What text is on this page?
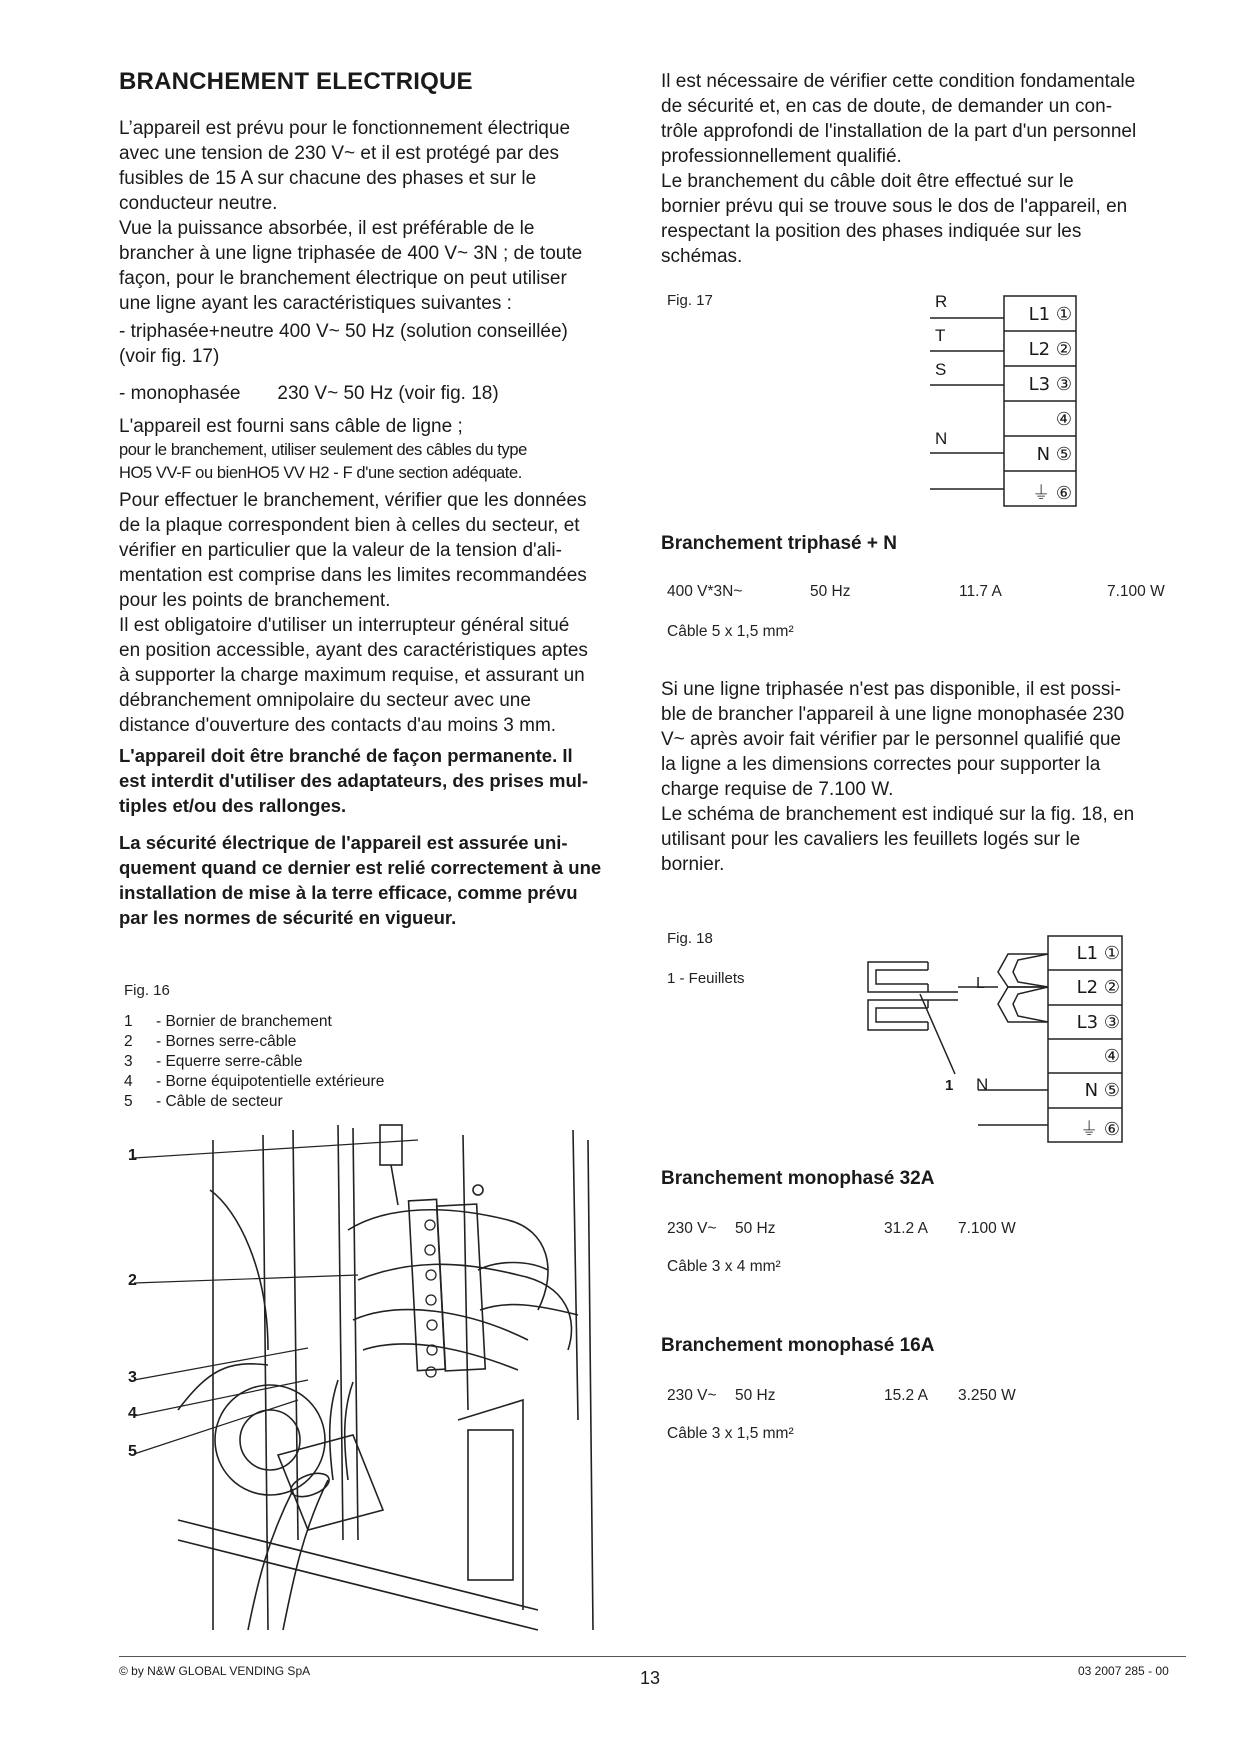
BRANCHEMENT ELECTRIQUE
L’appareil est prévu pour le fonctionnement électrique
avec une tension de 230 V~ et il est protégé par des
fusibles de 15 A sur chacune des phases et sur le
conducteur neutre.
Vue la puissance absorbée, il est préférable de le
brancher à une ligne triphasée de 400 V~ 3N ; de toute
façon, pour le branchement électrique on peut utiliser
une ligne ayant les caractéristiques suivantes :
- triphasée+neutre 400 V~ 50 Hz (solution conseillée)
(voir fig. 17)
- monophasée       230 V~ 50 Hz (voir fig. 18)
L'appareil est fourni sans câble de ligne ;
pour le branchement, utiliser seulement des câbles du type
HO5 VV-F ou bienHO5 VV H2 - F d'une section adéquate.
Pour effectuer le branchement, vérifier que les données
de la plaque correspondent bien à celles du secteur, et
vérifier en particulier que la valeur de la tension d'ali-
mentation est comprise dans les limites recommandées
pour les points de branchement.
Il est obligatoire d'utiliser un interrupteur général situé
en position accessible, ayant des caractéristiques aptes
à supporter la charge maximum requise, et assurant un
débranchement omnipolaire du secteur avec une
distance d'ouverture des contacts d'au moins 3 mm.
L'appareil doit être branché de façon permanente. Il
est interdit d'utiliser des adaptateurs, des prises mul-
tiples et/ou des rallonges.
La sécurité électrique de l'appareil est assurée uni-
quement quand ce dernier est relié correctement à une
installation de mise à la terre efficace, comme prévu
par les normes de sécurité en vigueur.
Fig. 16
1 - Bornier de branchement
2 - Bornes serre-câble
3 - Equerre serre-câble
4 - Borne équipotentielle extérieure
5 - Câble de secteur
1
2
3
4
5
Il est nécessaire de vérifier cette condition fondamentale
de sécurité et, en cas de doute, de demander un con-
trôle approfondi de l'installation de la part d'un personnel
professionnellement qualifié.
Le branchement du câble doit être effectué sur le
bornier prévu qui se trouve sous le dos de l'appareil, en
respectant la position des phases indiquée sur les
schémas.
Fig. 17	R
T
S
N
L1 ①
L2 ②
L3 ③
④
N ⑤
⏚ ⑥
Branchement triphasé + N
400 V*3N~	50 Hz	11.7 A	7.100 W
Câble 5 x 1,5 mm²
Si une ligne triphasée n'est pas disponible, il est possi-
ble de brancher l'appareil à une ligne monophasée 230
V~ après avoir fait vérifier par le personnel qualifié que
la ligne a les dimensions correctes pour supporter la
charge requise de 7.100 W.
Le schéma de branchement est indiqué sur la fig. 18, en
utilisant pour les cavaliers les feuillets logés sur le
bornier.
Fig. 18
1 - Feuillets	L
N
1
L1 ①
L2 ②
L3 ③
④
N ⑤
⏚ ⑥
Branchement monophasé 32A
230 V~ 50 Hz	31.2 A 7.100 W
Câble 3 x 4 mm²
Branchement monophasé 16A
230 V~ 50 Hz	15.2 A 3.250 W
Câble 3 x 1,5 mm²
© by N&W GLOBAL VENDING SpA	13	03 2007 285 - 00
